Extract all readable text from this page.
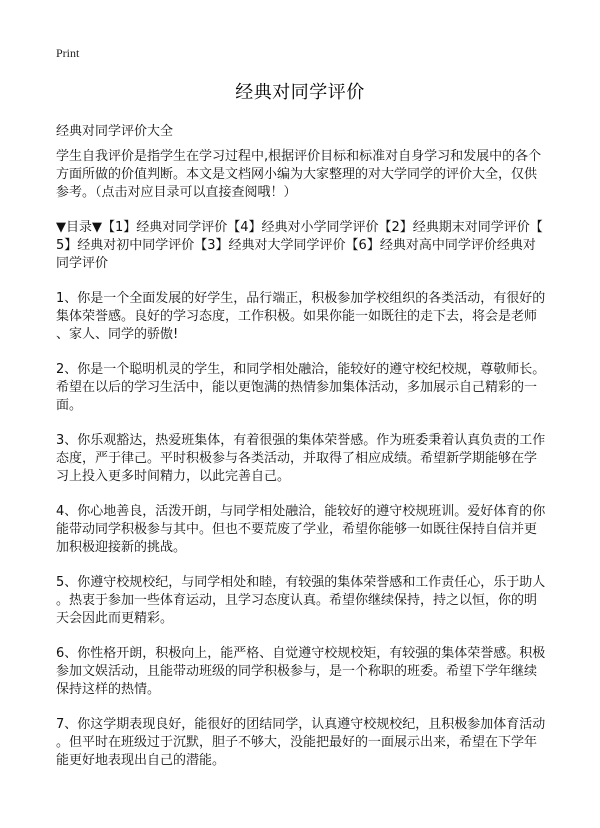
Print
经典对同学评价
经典对同学评价大全

学生自我评价是指学生在学习过程中,根据评价目标和标准对自身学习和发展中的各个方面所做的价值判断。本文是文档网小编为大家整理的对大学同学的评价大全，仅供参考。（点击对应目录可以直接查阅哦！）

▼目录▼【1】经典对同学评价【4】经典对小学同学评价【2】经典期末对同学评价【5】经典对初中同学评价【3】经典对大学同学评价【6】经典对高中同学评价经典对同学评价

1、你是一个全面发展的好学生，品行端正，积极参加学校组织的各类活动，有很好的集体荣誉感。良好的学习态度，工作积极。如果你能一如既往的走下去，将会是老师、家人、同学的骄傲!

2、你是一个聪明机灵的学生，和同学相处融洽，能较好的遵守校纪校规，尊敬师长。希望在以后的学习生活中，能以更饱满的热情参加集体活动，多加展示自己精彩的一面。

3、你乐观豁达，热爱班集体，有着很强的集体荣誉感。作为班委秉着认真负责的工作态度，严于律己。平时积极参与各类活动，并取得了相应成绩。希望新学期能够在学习上投入更多时间精力，以此完善自己。

4、你心地善良，活泼开朗，与同学相处融洽，能较好的遵守校规班训。爱好体育的你能带动同学积极参与其中。但也不要荒废了学业，希望你能够一如既往保持自信并更加积极迎接新的挑战。

5、你遵守校规校纪，与同学相处和睦，有较强的集体荣誉感和工作责任心，乐于助人。热衷于参加一些体育运动，且学习态度认真。希望你继续保持，持之以恒，你的明天会因此而更精彩。

6、你性格开朗，积极向上，能严格、自觉遵守校规校矩，有较强的集体荣誉感。积极参加文娱活动，且能带动班级的同学积极参与，是一个称职的班委。希望下学年继续保持这样的热情。

7、你这学期表现良好，能很好的团结同学，认真遵守校规校纪，且积极参加体育活动。但平时在班级过于沉默，胆子不够大，没能把最好的一面展示出来，希望在下学年能更好地表现出自己的潜能。
